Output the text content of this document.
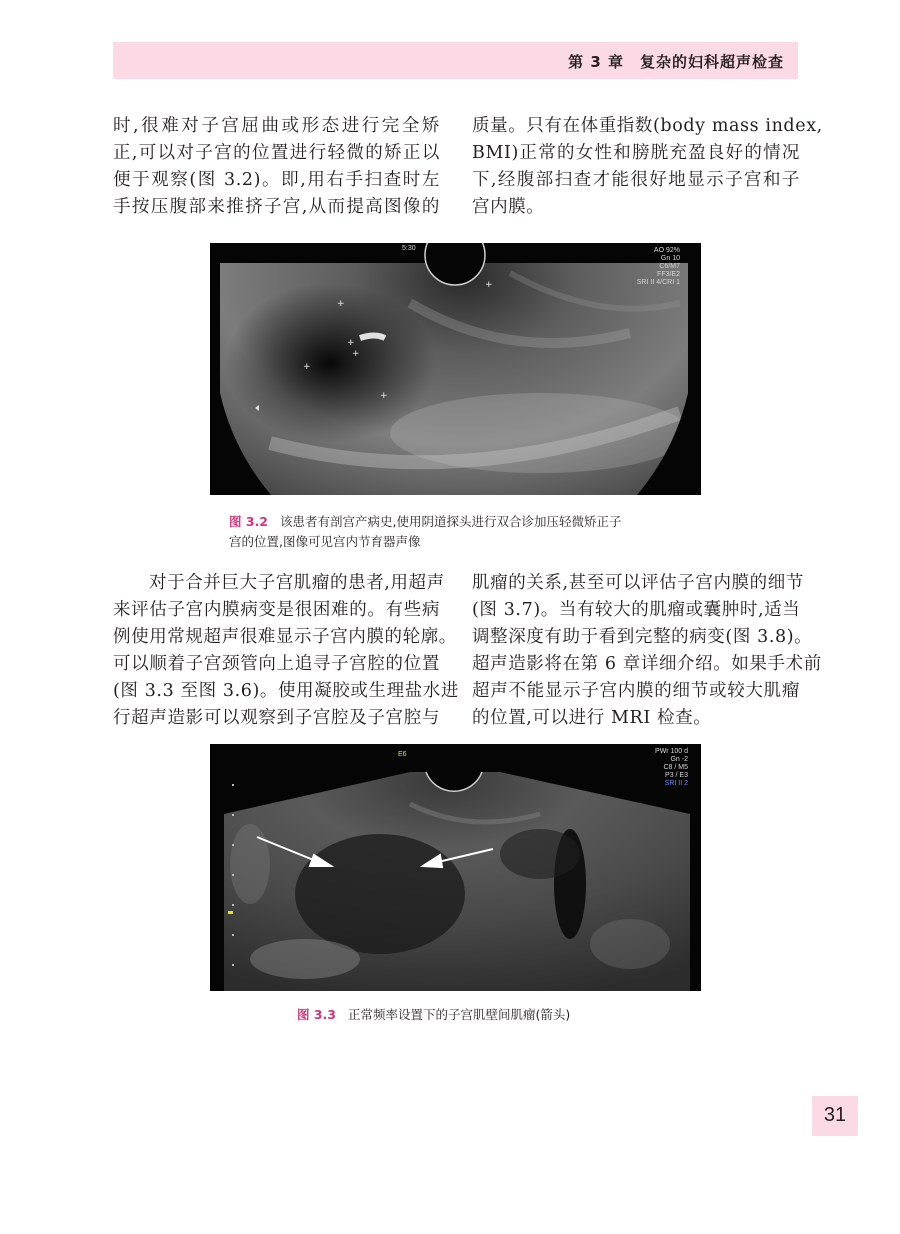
第 3 章　复杂的妇科超声检查
时,很难对子宫屈曲或形态进行完全矫
正,可以对子宫的位置进行轻微的矫正以
便于观察(图 3.2)。即,用右手扫查时左
手按压腹部来推挤子宫,从而提高图像的
质量。只有在体重指数(body mass index,
BMI)正常的女性和膀胱充盈良好的情况
下,经腹部扫查才能很好地显示子宫和子
宫内膜。
5:30	AO 92%
Gn 10
C6/M7
FF3/E2
SRI II 4/CRI 1
+
+
+
+
+
+
图 3.2 该患者有剖宫产病史,使用阴道探头进行双合诊加压轻微矫正子
宫的位置,图像可见宫内节育器声像
对于合并巨大子宫肌瘤的患者,用超声
来评估子宫内膜病变是很困难的。有些病
例使用常规超声很难显示子宫内膜的轮廓。
可以顺着子宫颈管向上追寻子宫腔的位置
(图 3.3 至图 3.6)。使用凝胶或生理盐水进
行超声造影可以观察到子宫腔及子宫腔与
肌瘤的关系,甚至可以评估子宫内膜的细节
(图 3.7)。当有较大的肌瘤或囊肿时,适当
调整深度有助于看到完整的病变(图 3.8)。
超声造影将在第 6 章详细介绍。如果手术前
超声不能显示子宫内膜的细节或较大肌瘤
的位置,可以进行 MRI 检查。
E6	PWr 100 d
Gn -2
C8 / M5
P3 / E3
SRI II 2
图 3.3 正常频率设置下的子宫肌壁间肌瘤(箭头)
31
